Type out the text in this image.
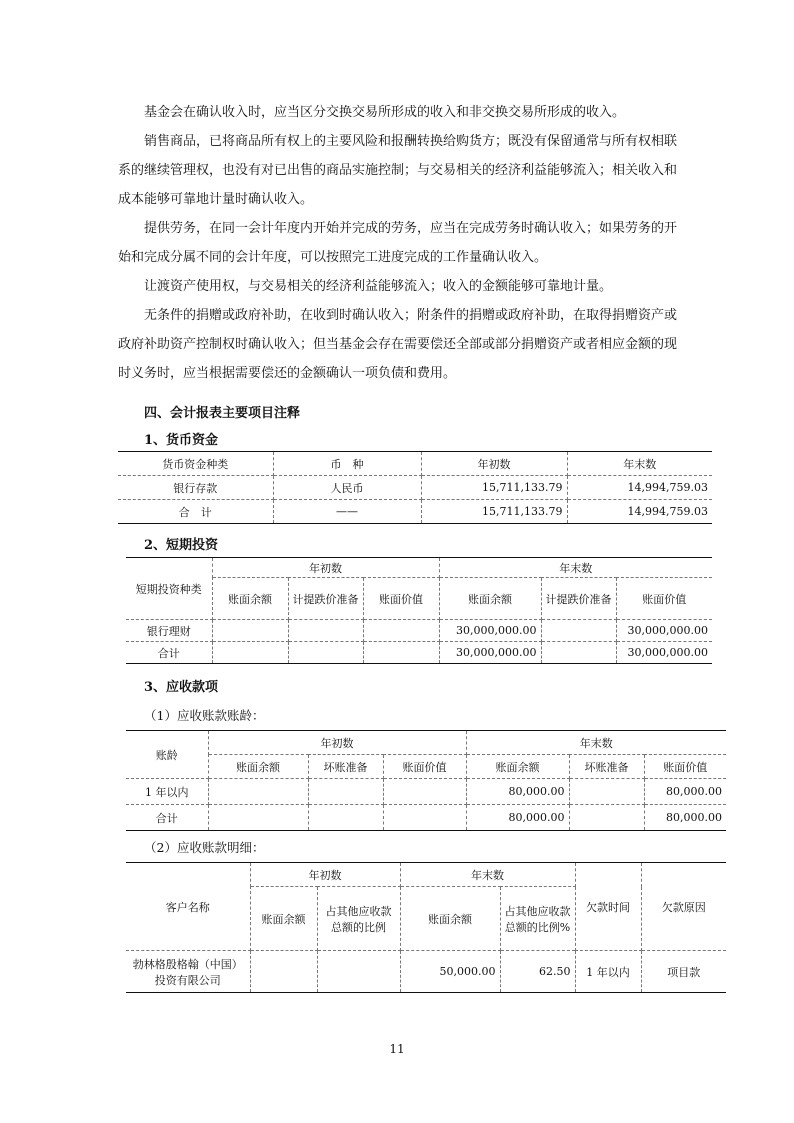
基金会在确认收入时，应当区分交换交易所形成的收入和非交换交易所形成的收入。

销售商品，已将商品所有权上的主要风险和报酬转换给购货方；既没有保留通常与所有权相联系的继续管理权，也没有对已出售的商品实施控制；与交易相关的经济利益能够流入；相关收入和成本能够可靠地计量时确认收入。

提供劳务，在同一会计年度内开始并完成的劳务，应当在完成劳务时确认收入；如果劳务的开始和完成分属不同的会计年度，可以按照完工进度完成的工作量确认收入。

让渡资产使用权，与交易相关的经济利益能够流入；收入的金额能够可靠地计量。

无条件的捐赠或政府补助，在收到时确认收入；附条件的捐赠或政府补助，在取得捐赠资产或政府补助资产控制权时确认收入；但当基金会存在需要偿还全部或部分捐赠资产或者相应金额的现时义务时，应当根据需要偿还的金额确认一项负债和费用。

四、会计报表主要项目注释
1、货币资金
货币资金种类	币　种	年初数	年末数
银行存款	人民币	15,711,133.79	14,994,759.03
合　计	——	15,711,133.79	14,994,759.03
2、短期投资
短期投资种类	年初数			年末数		
	账面余额	计提跌价准备	账面价值	账面余额	计提跌价准备	账面价值
银行理财				30,000,000.00		30,000,000.00
合计				30,000,000.00		30,000,000.00
3、应收款项
（1）应收账款账龄：
账龄	年初数			年末数		
	账面余额	坏账准备	账面价值	账面余额	坏账准备	账面价值
1 年以内				80,000.00		80,000.00
合计				80,000.00		80,000.00
（2）应收账款明细：
客户名称	年初数		年末数		欠款时间	欠款原因
	账面余额	占其他应收款总额的比例	账面余额	占其他应收款总额的比例%		
勃林格殷格翰（中国）投资有限公司			50,000.00	62.50	1 年以内	项目款
11
